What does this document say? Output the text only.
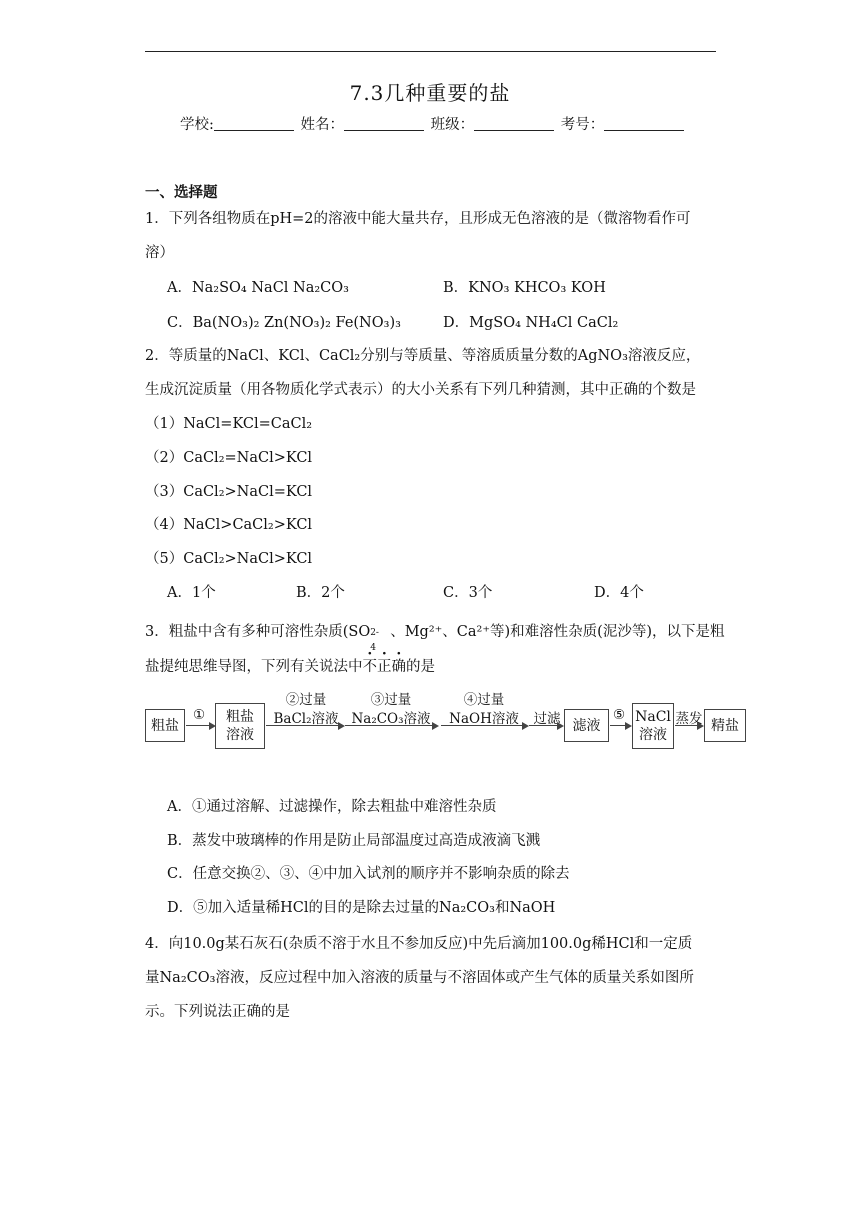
7.3几种重要的盐
学校:	姓名：	班级：	考号：
一、选择题
1．下列各组物质在pH=2的溶液中能大量共存，且形成无色溶液的是（微溶物看作可
溶）
A．Na₂SO₄ NaCl Na₂CO₃	B．KNO₃ KHCO₃ KOH
C．Ba(NO₃)₂ Zn(NO₃)₂ Fe(NO₃)₃	D．MgSO₄ NH₄Cl CaCl₂
2．等质量的NaCl、KCl、CaCl₂分别与等质量、等溶质质量分数的AgNO₃溶液反应，
生成沉淀质量（用各物质化学式表示）的大小关系有下列几种猜测，其中正确的个数是
（1）NaCl=KCl=CaCl₂
（2）CaCl₂=NaCl>KCl
（3）CaCl₂>NaCl=KCl
（4）NaCl>CaCl₂>KCl
（5）CaCl₂>NaCl>KCl
A．1个	B．2个	C．3个	D．4个
3．粗盐中含有多种可溶性杂质(SO 2-
4
、Mg²⁺、Ca²⁺等)和难溶性杂质(泥沙等)，以下是粗
盐提纯思维导图，下列有关说法中不正确的是
粗盐
①	粗盐溶液
②过量
BaCl₂溶液
③过量
Na₂CO₃溶液
④过量
NaOH溶液	过滤 滤液
⑤ NaCl溶液
蒸发 精盐
A．①通过溶解、过滤操作，除去粗盐中难溶性杂质
B．蒸发中玻璃棒的作用是防止局部温度过高造成液滴飞溅
C．任意交换②、③、④中加入试剂的顺序并不影响杂质的除去
D．⑤加入适量稀HCl的目的是除去过量的Na₂CO₃和NaOH
4．向10.0g某石灰石(杂质不溶于水且不参加反应)中先后滴加100.0g稀HCl和一定质
量Na₂CO₃溶液，反应过程中加入溶液的质量与不溶固体或产生气体的质量关系如图所
示。下列说法正确的是
